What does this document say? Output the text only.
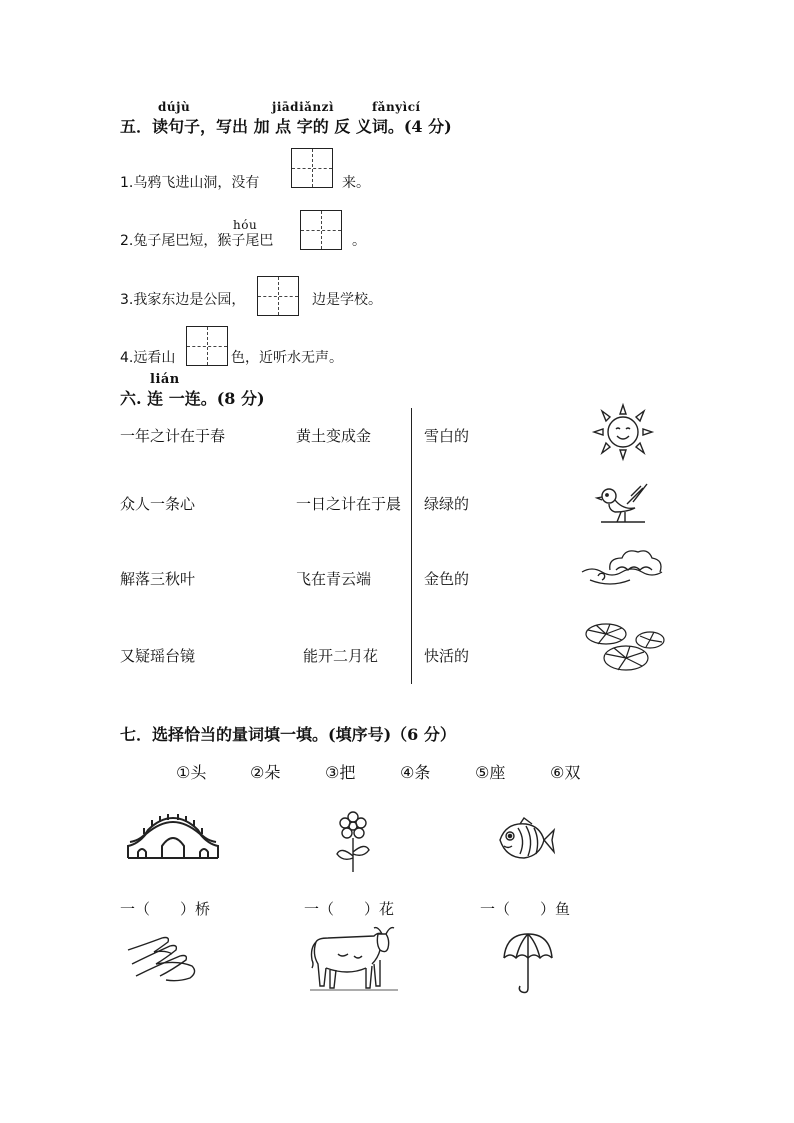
dújù	jiādiǎnzì	fǎnyìcí
五．读句子，写出 加 点 字的 反 义词。(4 分)
1.乌鸦飞进山洞，没有	来。
hóu
2.兔子尾巴短，猴子尾巴	。
3.我家东边是公园，	边是学校。
4.远看山	色，近听水无声。
lián
六. 连 一连。(8 分)
一年之计在于春
众人一条心
解落三秋叶
又疑瑶台镜
黄土变成金
一日之计在于晨
飞在青云端
能开二月花
雪白的
绿绿的
金色的
快活的
七．选择恰当的量词填一填。(填序号)（6 分）
①头	②朵	③把	④条	⑤座	⑥双
一（　　）桥	一（　　）花	一（　　）鱼
